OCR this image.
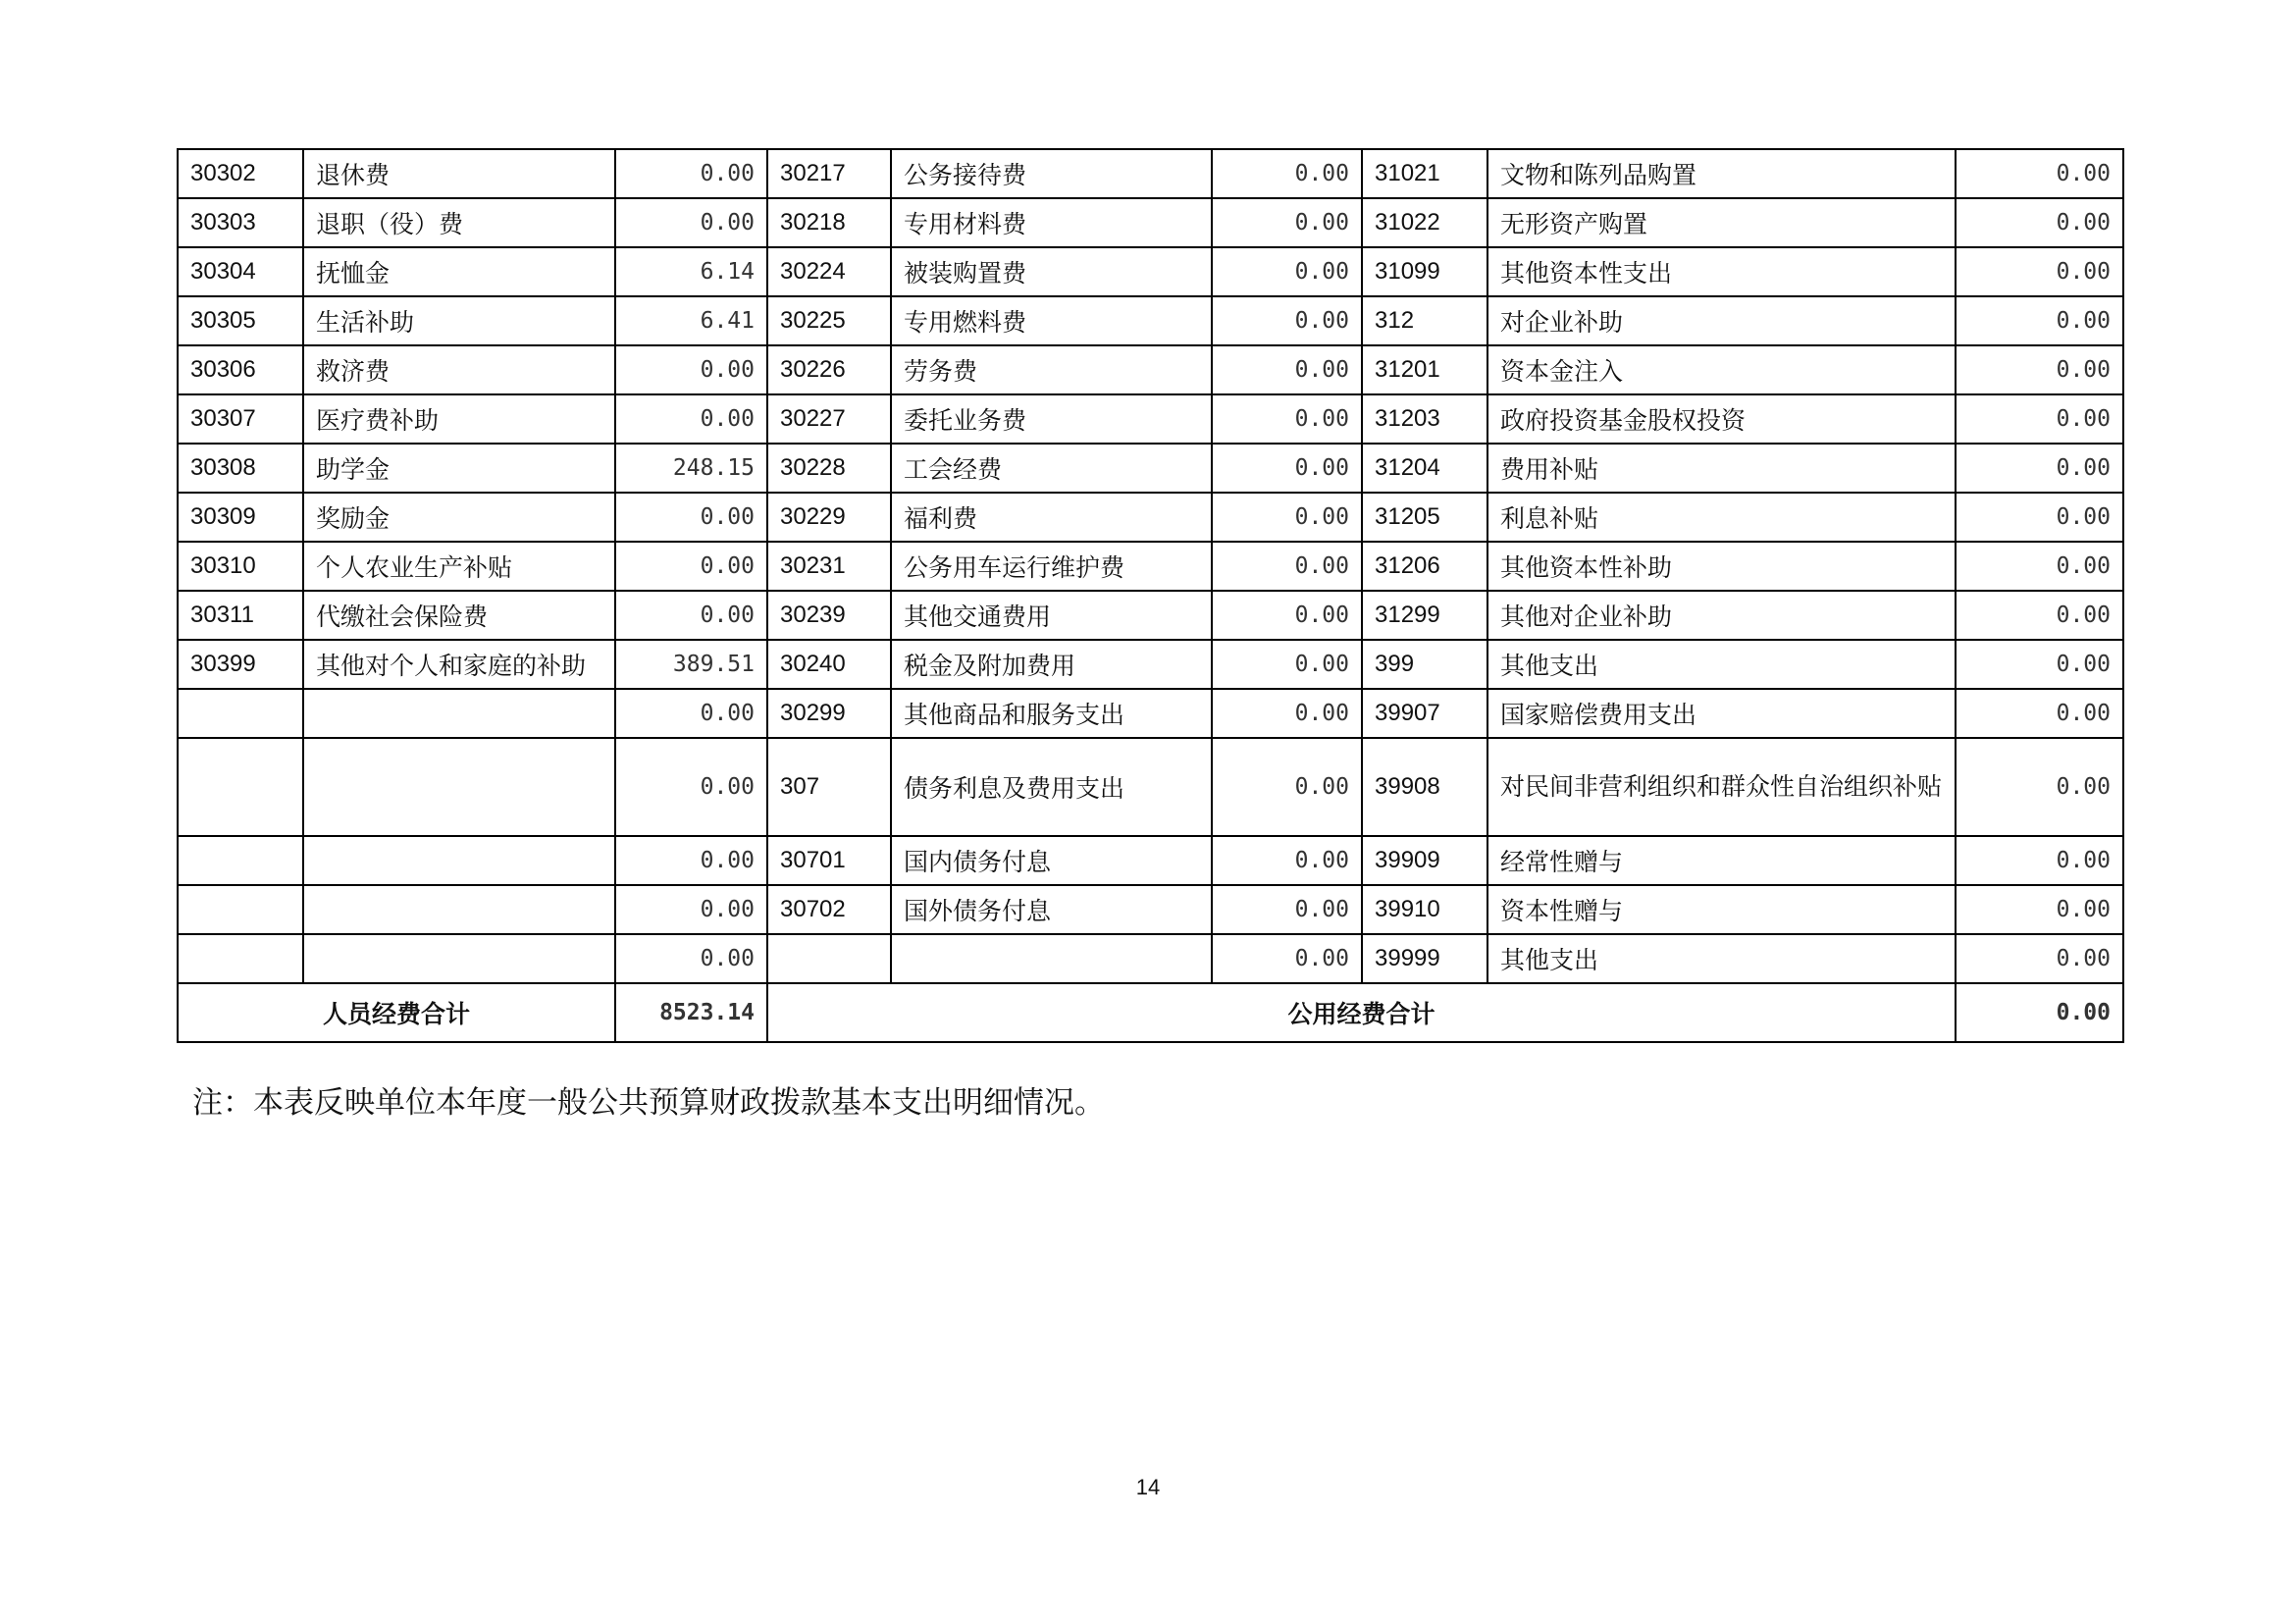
30302	退休费	0.00	30217	公务接待费	0.00	31021	文物和陈列品购置	0.00
30303	退职（役）费	0.00	30218	专用材料费	0.00	31022	无形资产购置	0.00
30304	抚恤金	6.14	30224	被装购置费	0.00	31099	其他资本性支出	0.00
30305	生活补助	6.41	30225	专用燃料费	0.00	312	对企业补助	0.00
30306	救济费	0.00	30226	劳务费	0.00	31201	资本金注入	0.00
30307	医疗费补助	0.00	30227	委托业务费	0.00	31203	政府投资基金股权投资	0.00
30308	助学金	248.15	30228	工会经费	0.00	31204	费用补贴	0.00
30309	奖励金	0.00	30229	福利费	0.00	31205	利息补贴	0.00
30310	个人农业生产补贴	0.00	30231	公务用车运行维护费	0.00	31206	其他资本性补助	0.00
30311	代缴社会保险费	0.00	30239	其他交通费用	0.00	31299	其他对企业补助	0.00
30399	其他对个人和家庭的补助	389.51	30240	税金及附加费用	0.00	399	其他支出	0.00
		0.00	30299	其他商品和服务支出	0.00	39907	国家赔偿费用支出	0.00
		0.00	307	债务利息及费用支出	0.00	39908	对民间非营利组织和群众性自治组织补贴	0.00
		0.00	30701	国内债务付息	0.00	39909	经常性赠与	0.00
		0.00	30702	国外债务付息	0.00	39910	资本性赠与	0.00
		0.00			0.00	39999	其他支出	0.00
人员经费合计		8523.14	公用经费合计					0.00

注：本表反映单位本年度一般公共预算财政拨款基本支出明细情况。

14
